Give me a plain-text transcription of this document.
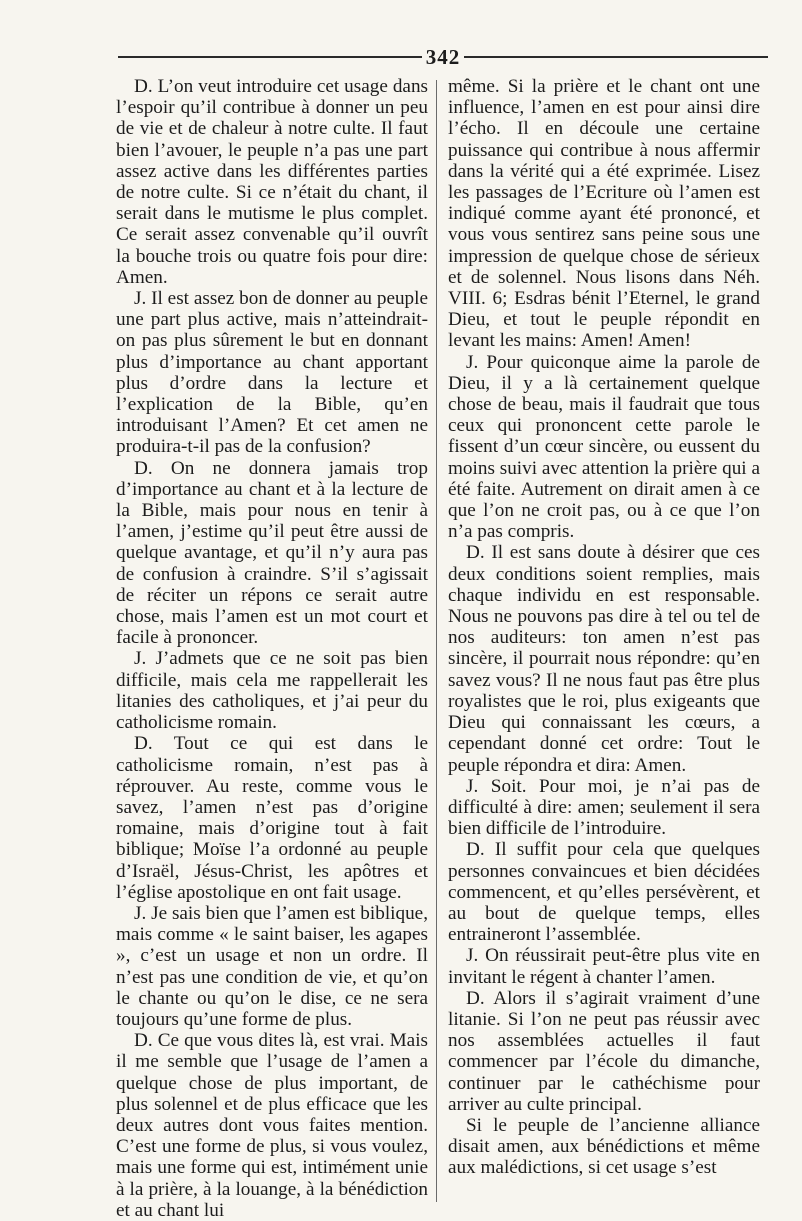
342

D. L’on veut introduire cet usage dans l’espoir qu’il contribue à donner un peu de vie et de chaleur à notre culte. Il faut bien l’avouer, le peuple n’a pas une part assez active dans les différentes parties de notre culte. Si ce n’était du chant, il serait dans le mutisme le plus complet. Ce serait assez convenable qu’il ouvrît la bouche trois ou quatre fois pour dire: Amen.

J. Il est assez bon de donner au peuple une part plus active, mais n’atteindrait-on pas plus sûrement le but en donnant plus d’importance au chant apportant plus d’ordre dans la lecture et l’explication de la Bible, qu’en introduisant l’Amen? Et cet amen ne produira-t-il pas de la confusion?

D. On ne donnera jamais trop d’importance au chant et à la lecture de la Bible, mais pour nous en tenir à l’amen, j’estime qu’il peut être aussi de quelque avantage, et qu’il n’y aura pas de confusion à craindre. S’il s’agissait de réciter un répons ce serait autre chose, mais l’amen est un mot court et facile à prononcer.

J. J’admets que ce ne soit pas bien difficile, mais cela me rappellerait les litanies des catholiques, et j’ai peur du catholicisme romain.

D. Tout ce qui est dans le catholicisme romain, n’est pas à réprouver. Au reste, comme vous le savez, l’amen n’est pas d’origine romaine, mais d’origine tout à fait biblique; Moïse l’a ordonné au peuple d’Israël, Jésus-Christ, les apôtres et l’église apostolique en ont fait usage.

J. Je sais bien que l’amen est biblique, mais comme « le saint baiser, les agapes », c’est un usage et non un ordre. Il n’est pas une condition de vie, et qu’on le chante ou qu’on le dise, ce ne sera toujours qu’une forme de plus.

D. Ce que vous dites là, est vrai. Mais il me semble que l’usage de l’amen a quelque chose de plus important, de plus solennel et de plus efficace que les deux autres dont vous faites mention. C’est une forme de plus, si vous voulez, mais une forme qui est, intimément unie à la prière, à la louange, à la bénédiction et au chant lui

même. Si la prière et le chant ont une influence, l’amen en est pour ainsi dire l’écho. Il en découle une certaine puissance qui contribue à nous affermir dans la vérité qui a été exprimée. Lisez les passages de l’Ecriture où l’amen est indiqué comme ayant été prononcé, et vous vous sentirez sans peine sous une impression de quelque chose de sérieux et de solennel. Nous lisons dans Néh. VIII. 6; Esdras bénit l’Eternel, le grand Dieu, et tout le peuple répondit en levant les mains: Amen! Amen!

J. Pour quiconque aime la parole de Dieu, il y a là certainement quelque chose de beau, mais il faudrait que tous ceux qui prononcent cette parole le fissent d’un cœur sincère, ou eussent du moins suivi avec attention la prière qui a été faite. Autrement on dirait amen à ce que l’on ne croit pas, ou à ce que l’on n’a pas compris.

D. Il est sans doute à désirer que ces deux conditions soient remplies, mais chaque individu en est responsable. Nous ne pouvons pas dire à tel ou tel de nos auditeurs: ton amen n’est pas sincère, il pourrait nous répondre: qu’en savez vous? Il ne nous faut pas être plus royalistes que le roi, plus exigeants que Dieu qui connaissant les cœurs, a cependant donné cet ordre: Tout le peuple répondra et dira: Amen.

J. Soit. Pour moi, je n’ai pas de difficulté à dire: amen; seulement il sera bien difficile de l’introduire.

D. Il suffit pour cela que quelques personnes convaincues et bien décidées commencent, et qu’elles persévèrent, et au bout de quelque temps, elles entraineront l’assemblée.

J. On réussirait peut-être plus vite en invitant le régent à chanter l’amen.

D. Alors il s’agirait vraiment d’une litanie. Si l’on ne peut pas réussir avec nos assemblées actuelles il faut commencer par l’école du dimanche, continuer par le cathéchisme pour arriver au culte principal.

Si le peuple de l’ancienne alliance disait amen, aux bénédictions et même aux malédictions, si cet usage s’est
